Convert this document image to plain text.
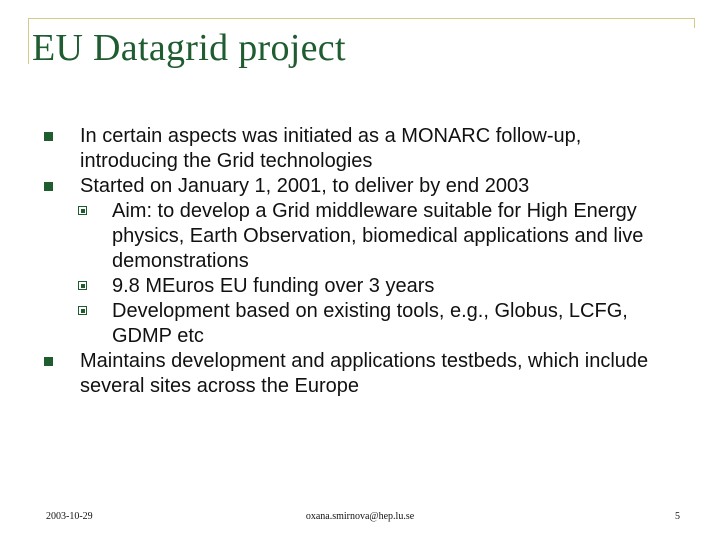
EU Datagrid project
In certain aspects was initiated as a MONARC follow-up, introducing the Grid technologies
Started on January 1, 2001, to deliver by end 2003
Aim: to develop a Grid middleware suitable for High Energy physics, Earth Observation, biomedical applications and live demonstrations
9.8 MEuros EU funding over 3 years
Development based on existing tools, e.g., Globus, LCFG, GDMP etc
Maintains development and applications testbeds, which include several sites across the Europe
2003-10-29	oxana.smirnova@hep.lu.se	5
